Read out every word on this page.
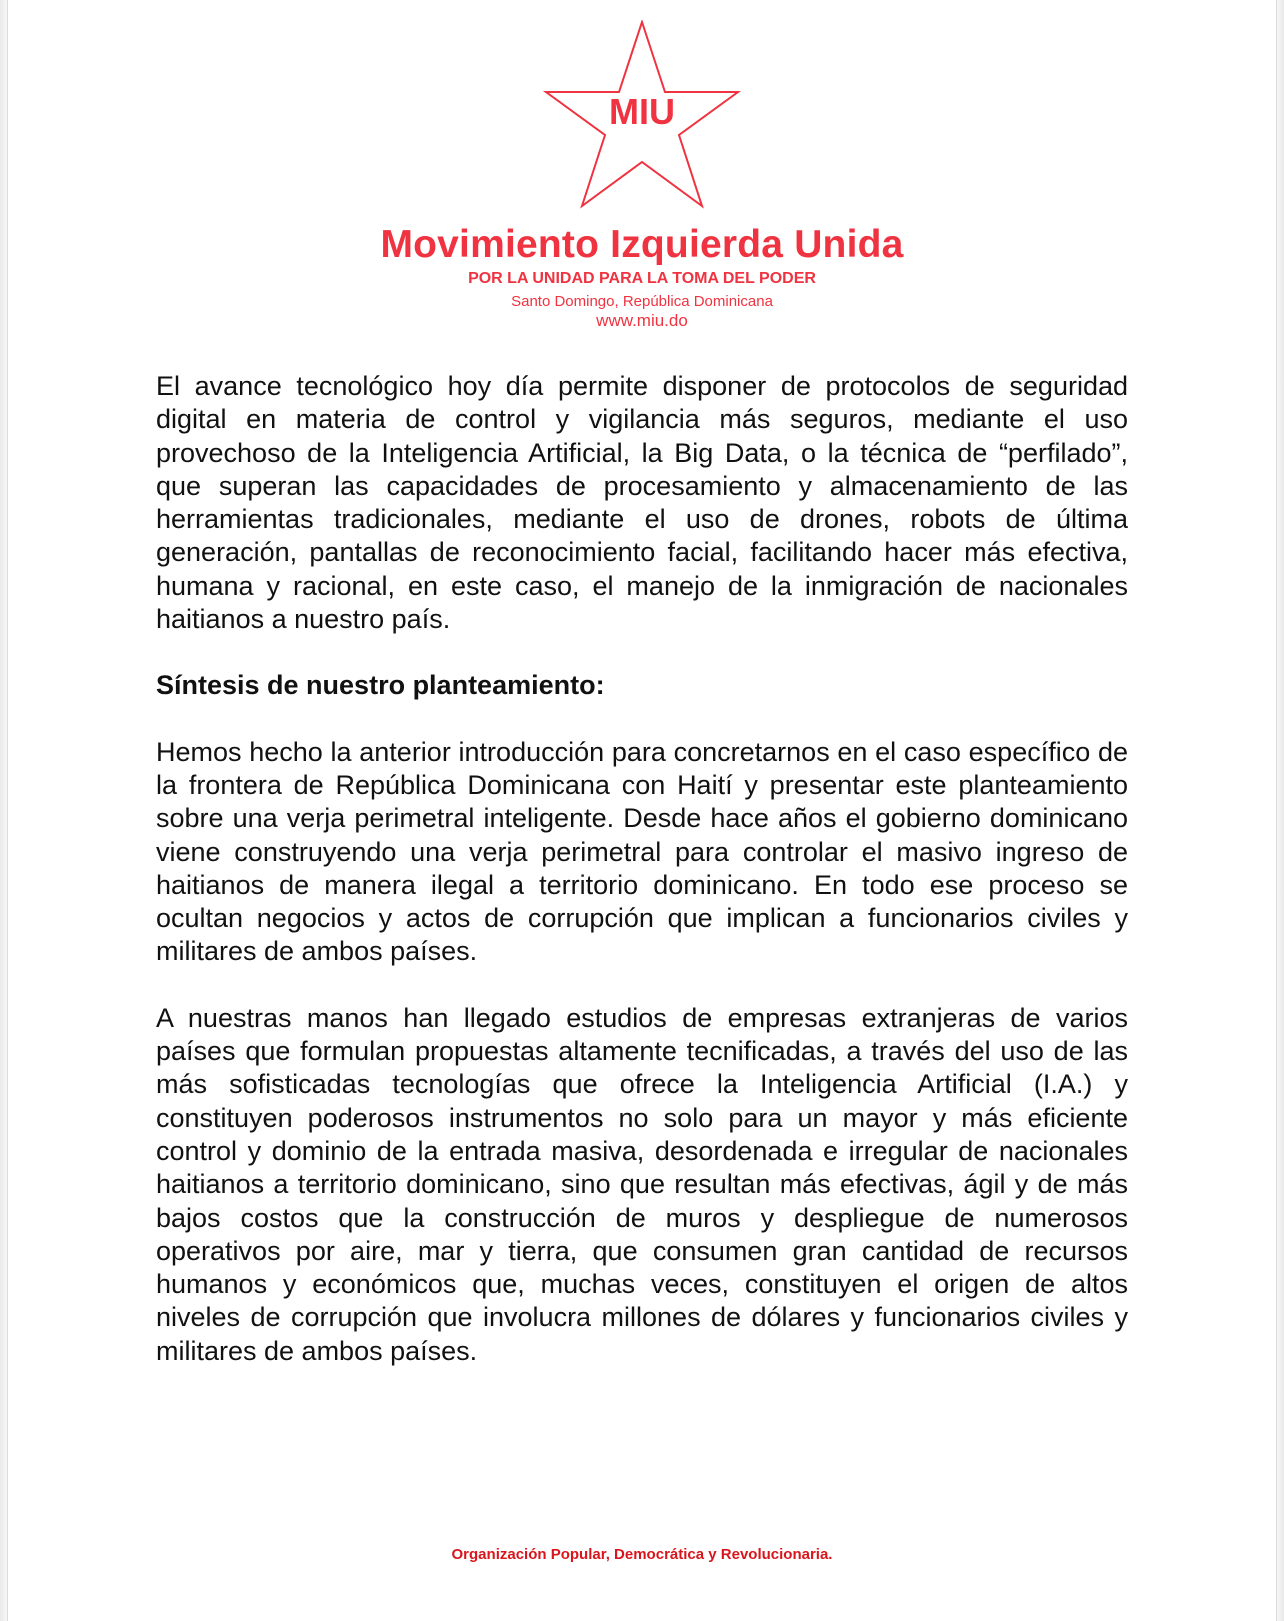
MIU
Movimiento Izquierda Unida
POR LA UNIDAD PARA LA TOMA DEL PODER
Santo Domingo, República Dominicana
www.miu.do

El avance tecnológico hoy día permite disponer de protocolos de seguridad digital en materia de control y vigilancia más seguros, mediante el uso provechoso de la Inteligencia Artificial, la Big Data, o la técnica de “perfilado”, que superan las capacidades de procesamiento y almacenamiento de las herramientas tradicionales, mediante el uso de drones, robots de última generación, pantallas de reconocimiento facial, facilitando hacer más efectiva, humana y racional, en este caso, el manejo de la inmigración de nacionales haitianos a nuestro país.

Síntesis de nuestro planteamiento:

Hemos hecho la anterior introducción para concretarnos en el caso específico de la frontera de República Dominicana con Haití y presentar este planteamiento sobre una verja perimetral inteligente. Desde hace años el gobierno dominicano viene construyendo una verja perimetral para controlar el masivo ingreso de haitianos de manera ilegal a territorio dominicano. En todo ese proceso se ocultan negocios y actos de corrupción que implican a funcionarios civiles y militares de ambos países.

A nuestras manos han llegado estudios de empresas extranjeras de varios países que formulan propuestas altamente tecnificadas, a través del uso de las más sofisticadas tecnologías que ofrece la Inteligencia Artificial (I.A.) y constituyen poderosos instrumentos no solo para un mayor y más eficiente control y dominio de la entrada masiva, desordenada e irregular de nacionales haitianos a territorio dominicano, sino que resultan más efectivas, ágil y de más bajos costos que la construcción de muros y despliegue de numerosos operativos por aire, mar y tierra, que consumen gran cantidad de recursos humanos y económicos que, muchas veces, constituyen el origen de altos niveles de corrupción que involucra millones de dólares y funcionarios civiles y militares de ambos países.

Organización Popular, Democrática y Revolucionaria.
